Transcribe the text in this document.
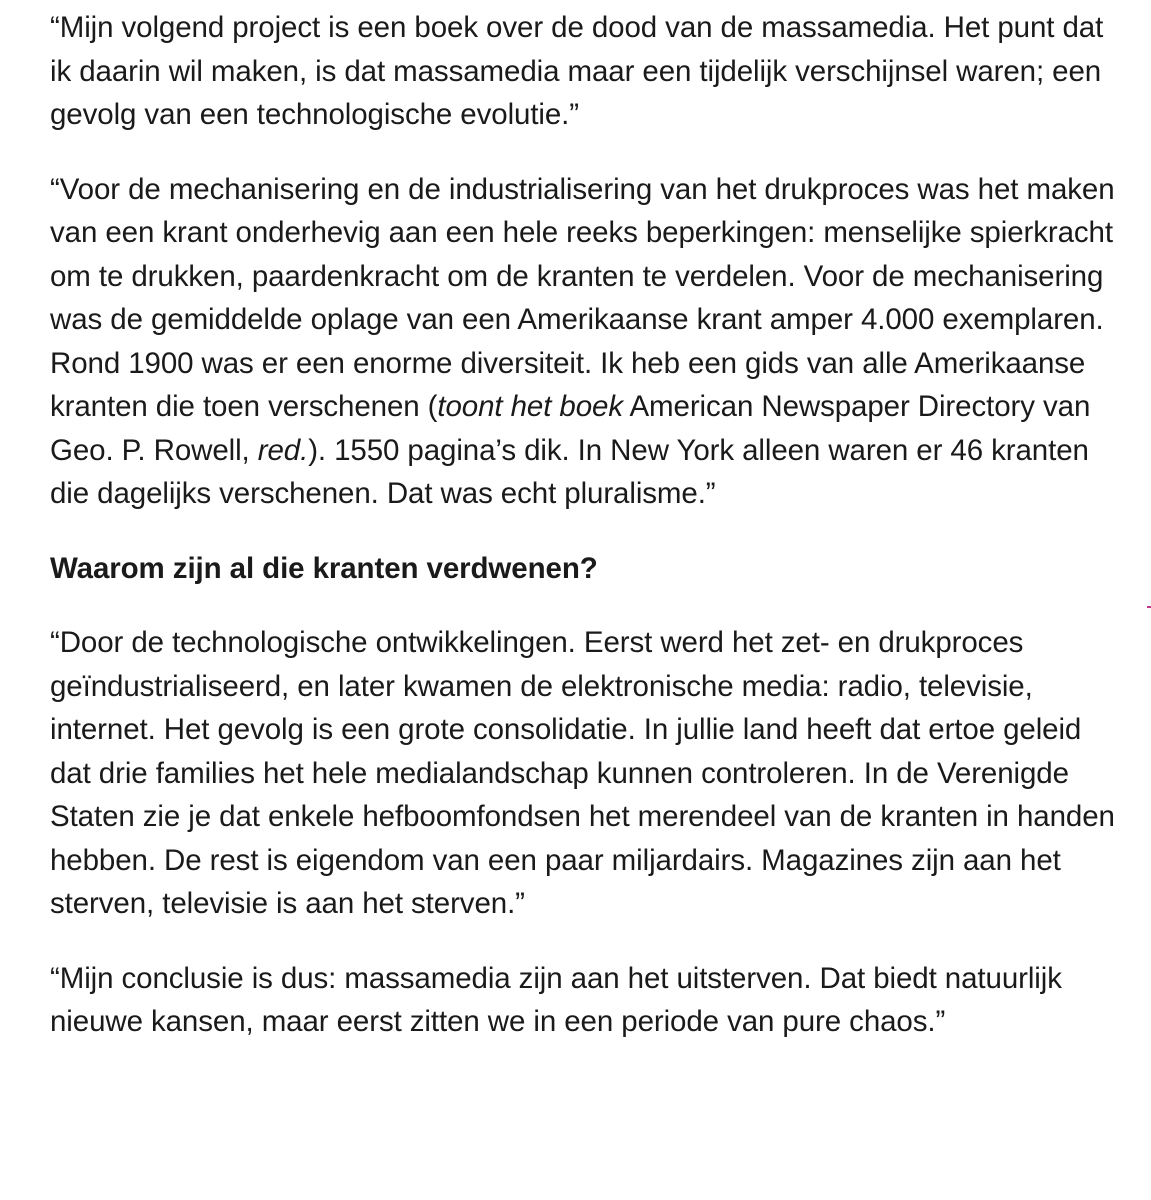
“Mijn volgend project is een boek over de dood van de massamedia. Het punt dat ik daarin wil maken, is dat massamedia maar een tijdelijk verschijnsel waren; een gevolg van een technologische evolutie.”

“Voor de mechanisering en de industrialisering van het drukproces was het maken van een krant onderhevig aan een hele reeks beperkingen: menselijke spierkracht om te drukken, paardenkracht om de kranten te verdelen. Voor de mechanisering was de gemiddelde oplage van een Amerikaanse krant amper 4.000 exemplaren. Rond 1900 was er een enorme diversiteit. Ik heb een gids van alle Amerikaanse kranten die toen verschenen (toont het boek American Newspaper Directory van Geo. P. Rowell, red.). 1550 pagina’s dik. In New York alleen waren er 46 kranten die dagelijks verschenen. Dat was echt pluralisme.”

Waarom zijn al die kranten verdwenen?

“Door de technologische ontwikkelingen. Eerst werd het zet- en drukproces geïndustrialiseerd, en later kwamen de elektronische media: radio, televisie, internet. Het gevolg is een grote consolidatie. In jullie land heeft dat ertoe geleid dat drie families het hele medialandschap kunnen controleren. In de Verenigde Staten zie je dat enkele hefboomfondsen het merendeel van de kranten in handen hebben. De rest is eigendom van een paar miljardairs. Magazines zijn aan het sterven, televisie is aan het sterven.”

“Mijn conclusie is dus: massamedia zijn aan het uitsterven. Dat biedt natuurlijk nieuwe kansen, maar eerst zitten we in een periode van pure chaos.”
